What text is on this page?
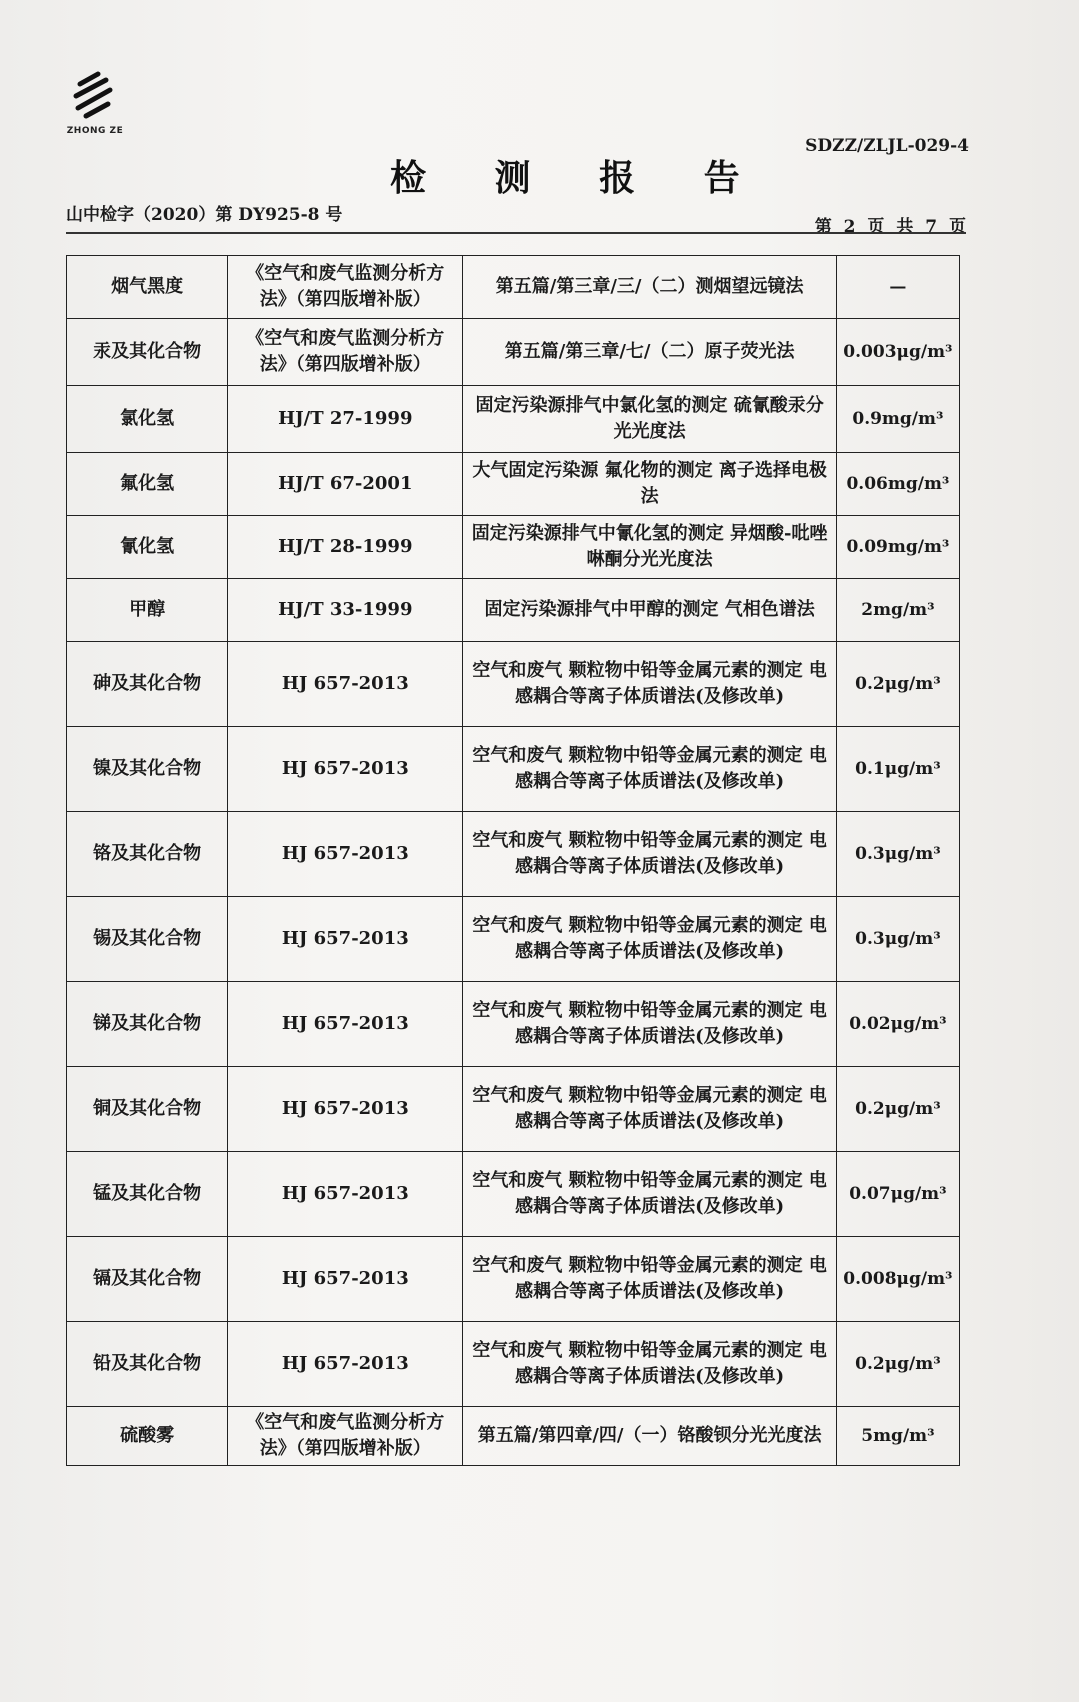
ZHONG ZE
SDZZ/ZLJL-029-4
检 测 报 告
山中检字（2020）第 DY925-8 号
第 2 页 共 7 页
烟气黑度	《空气和废气监测分析方法》（第四版增补版）	第五篇/第三章/三/（二）测烟望远镜法	—
汞及其化合物	《空气和废气监测分析方法》（第四版增补版）	第五篇/第三章/七/（二）原子荧光法	0.003μg/m³
氯化氢	HJ/T 27-1999	固定污染源排气中氯化氢的测定 硫氰酸汞分光光度法	0.9mg/m³
氟化氢	HJ/T 67-2001	大气固定污染源 氟化物的测定 离子选择电极法	0.06mg/m³
氰化氢	HJ/T 28-1999	固定污染源排气中氰化氢的测定 异烟酸-吡唑啉酮分光光度法	0.09mg/m³
甲醇	HJ/T 33-1999	固定污染源排气中甲醇的测定 气相色谱法	2mg/m³
砷及其化合物	HJ 657-2013	空气和废气 颗粒物中铅等金属元素的测定 电感耦合等离子体质谱法(及修改单)	0.2μg/m³
镍及其化合物	HJ 657-2013	空气和废气 颗粒物中铅等金属元素的测定 电感耦合等离子体质谱法(及修改单)	0.1μg/m³
铬及其化合物	HJ 657-2013	空气和废气 颗粒物中铅等金属元素的测定 电感耦合等离子体质谱法(及修改单)	0.3μg/m³
锡及其化合物	HJ 657-2013	空气和废气 颗粒物中铅等金属元素的测定 电感耦合等离子体质谱法(及修改单)	0.3μg/m³
锑及其化合物	HJ 657-2013	空气和废气 颗粒物中铅等金属元素的测定 电感耦合等离子体质谱法(及修改单)	0.02μg/m³
铜及其化合物	HJ 657-2013	空气和废气 颗粒物中铅等金属元素的测定 电感耦合等离子体质谱法(及修改单)	0.2μg/m³
锰及其化合物	HJ 657-2013	空气和废气 颗粒物中铅等金属元素的测定 电感耦合等离子体质谱法(及修改单)	0.07μg/m³
镉及其化合物	HJ 657-2013	空气和废气 颗粒物中铅等金属元素的测定 电感耦合等离子体质谱法(及修改单)	0.008μg/m³
铅及其化合物	HJ 657-2013	空气和废气 颗粒物中铅等金属元素的测定 电感耦合等离子体质谱法(及修改单)	0.2μg/m³
硫酸雾	《空气和废气监测分析方法》（第四版增补版）	第五篇/第四章/四/（一）铬酸钡分光光度法	5mg/m³
